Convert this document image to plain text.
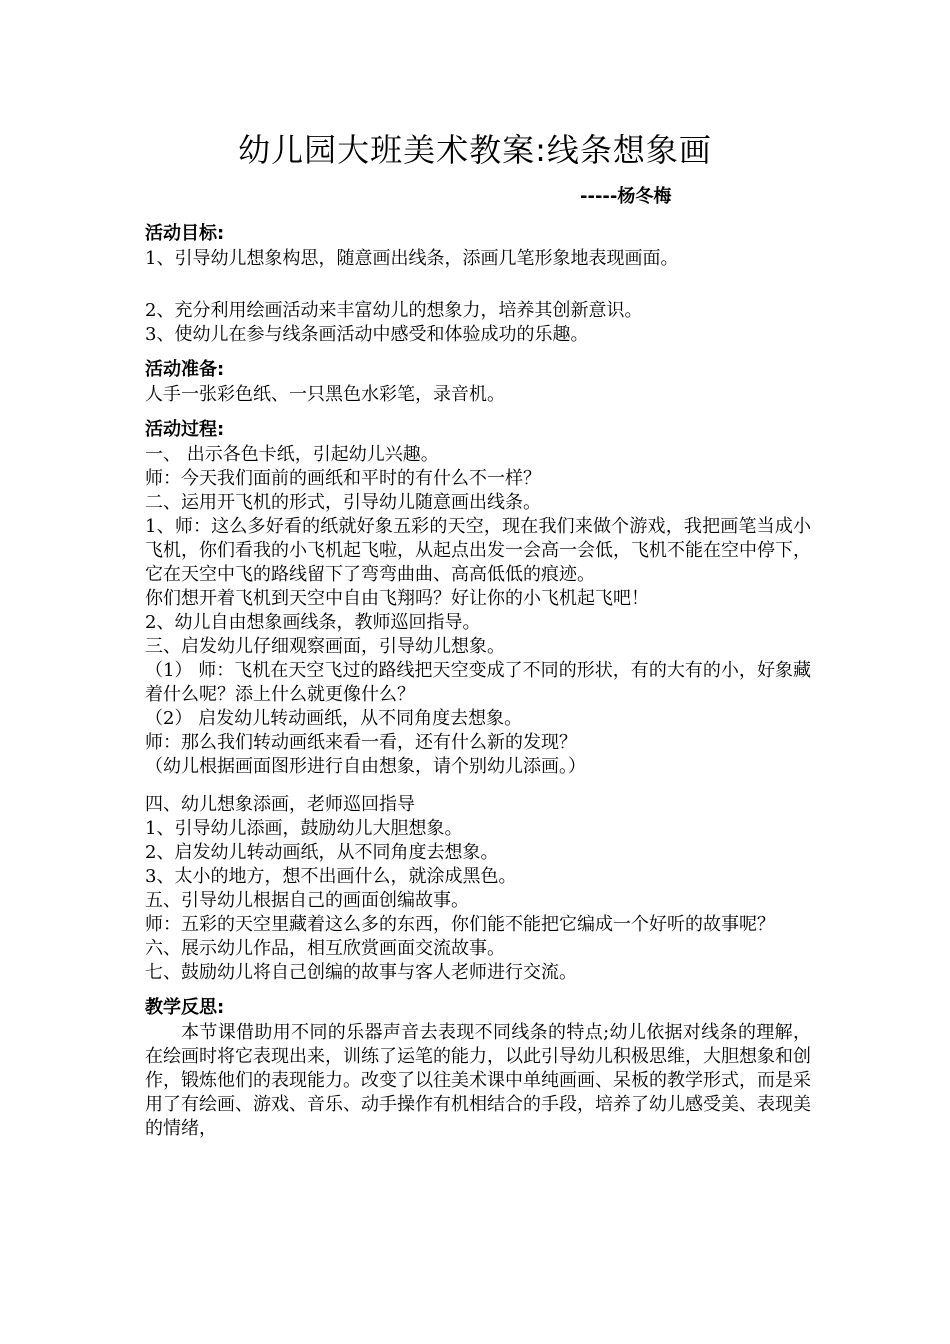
幼儿园大班美术教案:线条想象画
-----杨冬梅

活动目标:

1、引导幼儿想象构思，随意画出线条，添画几笔形象地表现画面。

2、充分利用绘画活动来丰富幼儿的想象力，培养其创新意识。

3、使幼儿在参与线条画活动中感受和体验成功的乐趣。

活动准备:

人手一张彩色纸、一只黑色水彩笔，录音机。

活动过程:

一、 出示各色卡纸，引起幼儿兴趣。

师：今天我们面前的画纸和平时的有什么不一样？

二、运用开飞机的形式，引导幼儿随意画出线条。

1、师：这么多好看的纸就好象五彩的天空，现在我们来做个游戏，我把画笔当成小飞机，你们看我的小飞机起飞啦，从起点出发一会高一会低，飞机不能在空中停下，它在天空中飞的路线留下了弯弯曲曲、高高低低的痕迹。

你们想开着飞机到天空中自由飞翔吗？好让你的小飞机起飞吧！

2、幼儿自由想象画线条，教师巡回指导。

三、启发幼儿仔细观察画面，引导幼儿想象。

（1） 师：飞机在天空飞过的路线把天空变成了不同的形状，有的大有的小，好象藏着什么呢？添上什么就更像什么？

（2） 启发幼儿转动画纸，从不同角度去想象。

师：那么我们转动画纸来看一看，还有什么新的发现？

（幼儿根据画面图形进行自由想象，请个别幼儿添画。）

四、幼儿想象添画，老师巡回指导

1、引导幼儿添画，鼓励幼儿大胆想象。

2、启发幼儿转动画纸，从不同角度去想象。

3、太小的地方，想不出画什么，就涂成黑色。

五、引导幼儿根据自己的画面创编故事。

师：五彩的天空里藏着这么多的东西，你们能不能把它编成一个好听的故事呢？

六、展示幼儿作品，相互欣赏画面交流故事。

七、鼓励幼儿将自己创编的故事与客人老师进行交流。

教学反思:

本节课借助用不同的乐器声音去表现不同线条的特点;幼儿依据对线条的理解，在绘画时将它表现出来，训练了运笔的能力，以此引导幼儿积极思维，大胆想象和创作，锻炼他们的表现能力。改变了以往美术课中单纯画画、呆板的教学形式，而是采用了有绘画、游戏、音乐、动手操作有机相结合的手段，培养了幼儿感受美、表现美的情绪，
